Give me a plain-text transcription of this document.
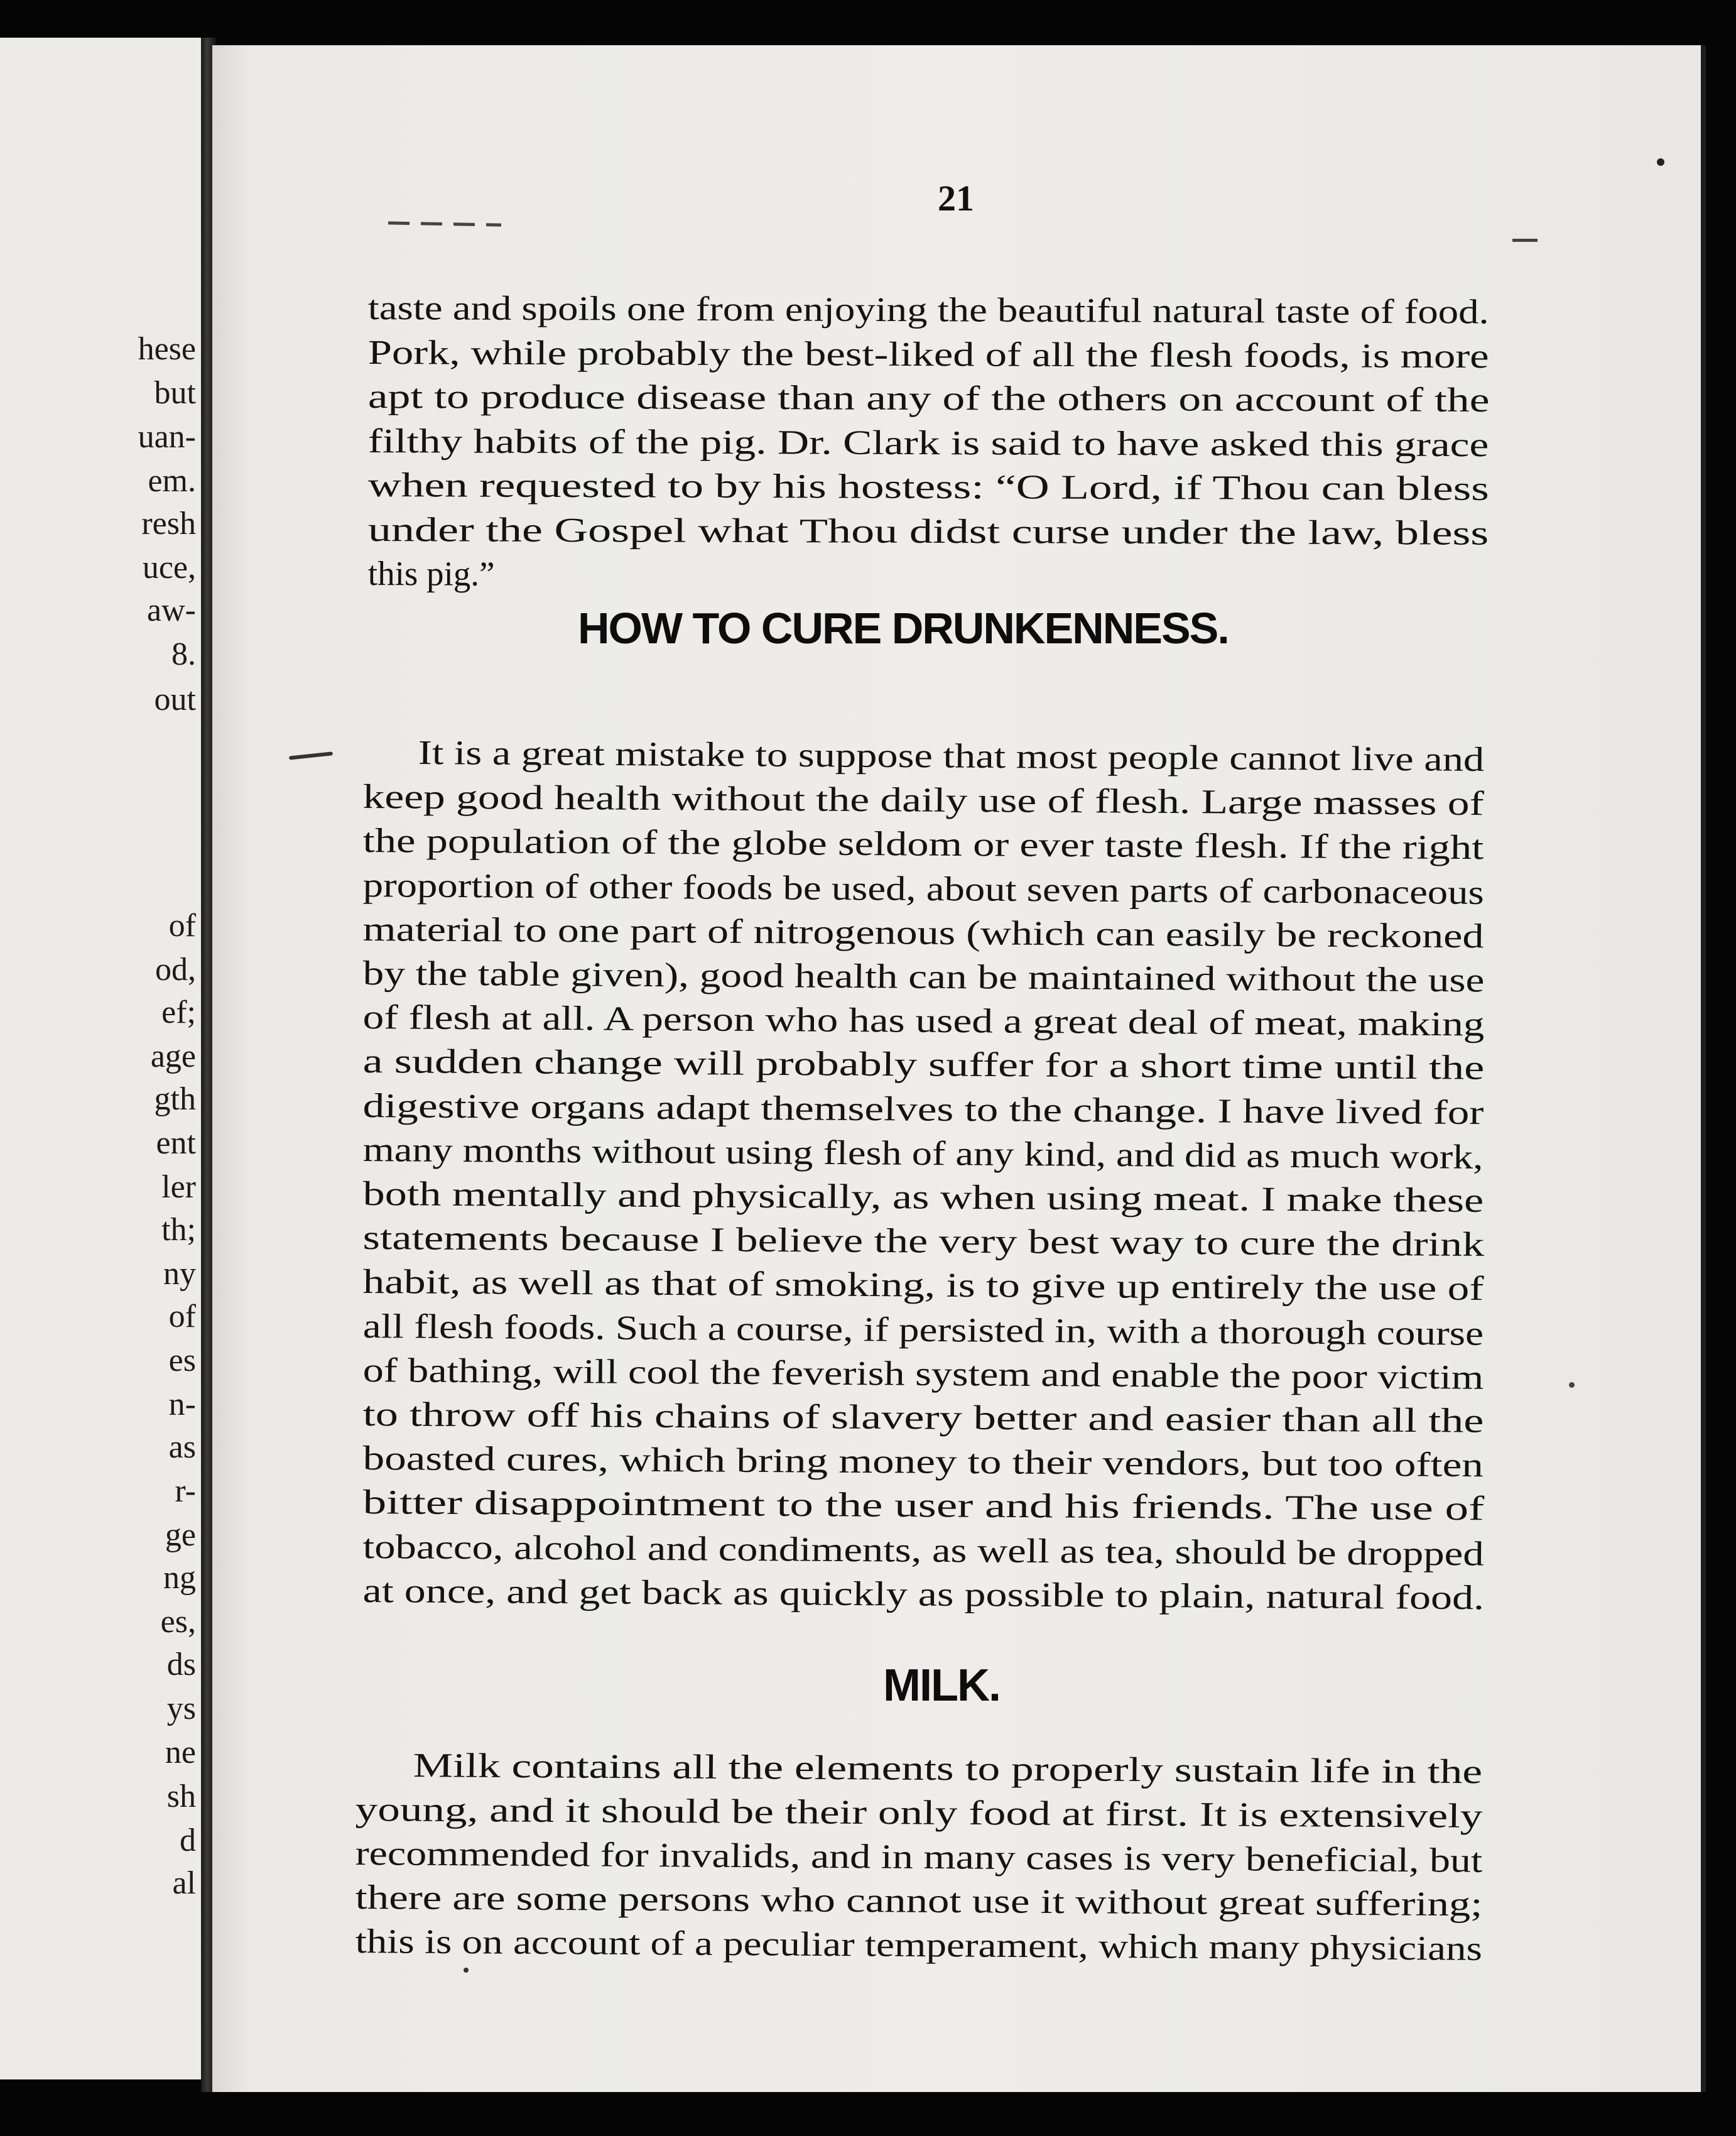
hese
but
uan-
em.
resh
uce,
aw-
8.
out
of
od,
ef;
age
gth
ent
ler
th;
ny
of
es
n-
as
r-
ge
ng
es,
ds
ys
ne
sh
d
al
21
taste and spoils one from enjoying the beautiful natural taste of food.
Pork, while probably the best-liked of all the flesh foods, is more
apt to produce disease than any of the others on account of the
filthy habits of the pig. Dr. Clark is said to have asked this grace
when requested to by his hostess: “O Lord, if Thou can bless
under the Gospel what Thou didst curse under the law, bless
this pig.”
HOW TO CURE DRUNKENNESS.
It is a great mistake to suppose that most people cannot live and
keep good health without the daily use of flesh. Large masses of
the population of the globe seldom or ever taste flesh. If the right
proportion of other foods be used, about seven parts of carbonaceous
material to one part of nitrogenous (which can easily be reckoned
by the table given), good health can be maintained without the use
of flesh at all. A person who has used a great deal of meat, making
a sudden change will probably suffer for a short time until the
digestive organs adapt themselves to the change. I have lived for
many months without using flesh of any kind, and did as much work,
both mentally and physically, as when using meat. I make these
statements because I believe the very best way to cure the drink
habit, as well as that of smoking, is to give up entirely the use of
all flesh foods. Such a course, if persisted in, with a thorough course
of bathing, will cool the feverish system and enable the poor victim
to throw off his chains of slavery better and easier than all the
boasted cures, which bring money to their vendors, but too often
bitter disappointment to the user and his friends. The use of
tobacco, alcohol and condiments, as well as tea, should be dropped
at once, and get back as quickly as possible to plain, natural food.
MILK.
Milk contains all the elements to properly sustain life in the
young, and it should be their only food at first. It is extensively
recommended for invalids, and in many cases is very beneficial, but
there are some persons who cannot use it without great suffering;
this is on account of a peculiar temperament, which many physicians
